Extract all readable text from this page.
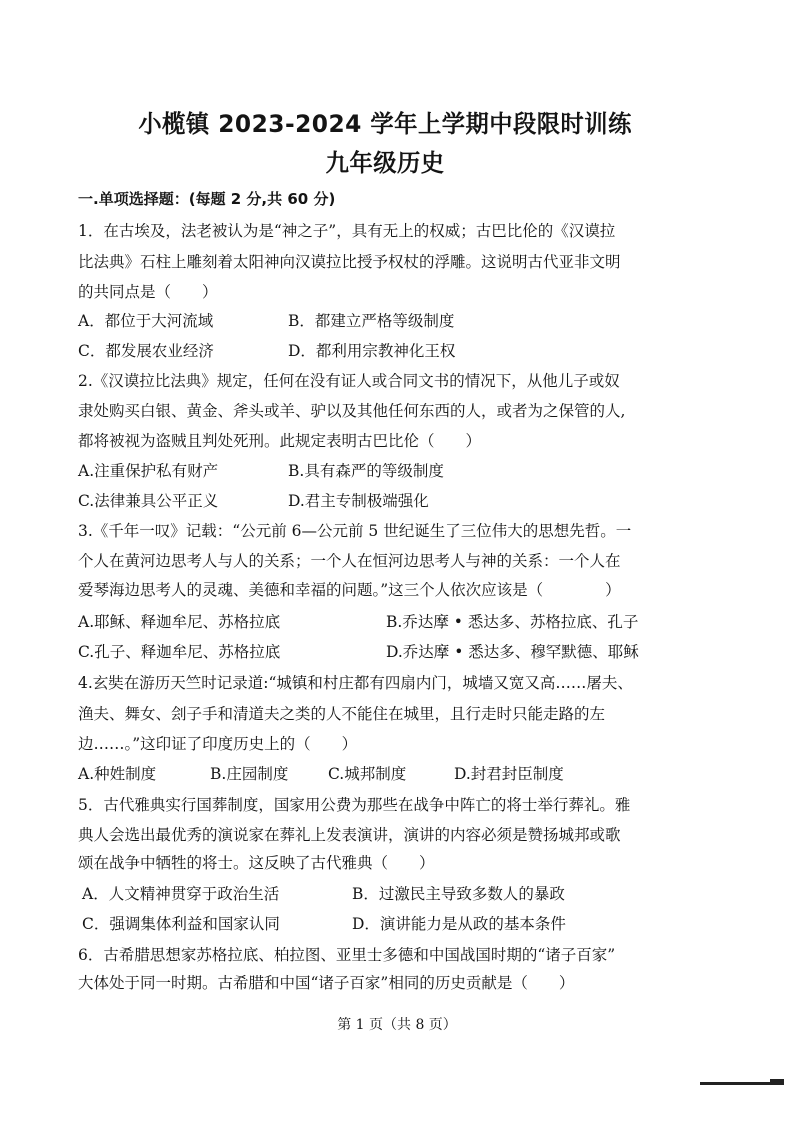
小榄镇 2023-2024 学年上学期中段限时训练
九年级历史
一.单项选择题：(每题 2 分,共 60 分)
1．在古埃及，法老被认为是“神之子”，具有无上的权威；古巴比伦的《汉谟拉
比法典》石柱上雕刻着太阳神向汉谟拉比授予权杖的浮雕。这说明古代亚非文明
的共同点是（　　）
A．都位于大河流域	B．都建立严格等级制度
C．都发展农业经济	D．都利用宗教神化王权
2.《汉谟拉比法典》规定，任何在没有证人或合同文书的情况下，从他儿子或奴
隶处购买白银、黄金、斧头或羊、驴以及其他任何东西的人，或者为之保管的人,
都将被视为盗贼且判处死刑。此规定表明古巴比伦（　　）
A.注重保护私有财产	B.具有森严的等级制度
C.法律兼具公平正义	D.君主专制极端强化
3.《千年一叹》记载：“公元前 6—公元前 5 世纪诞生了三位伟大的思想先哲。一
个人在黄河边思考人与人的关系；一个人在恒河边思考人与神的关系：一个人在
爱琴海边思考人的灵魂、美德和幸福的问题。”这三个人依次应该是（　　　　）
A.耶稣、释迦牟尼、苏格拉底	B.乔达摩 • 悉达多、苏格拉底、孔子
C.孔子、释迦牟尼、苏格拉底	D.乔达摩 • 悉达多、穆罕默德、耶稣
4.玄奘在游历天竺时记录道:“城镇和村庄都有四扇内门，城墙又宽又高……屠夫、
渔夫、舞女、刽子手和清道夫之类的人不能住在城里，且行走时只能走路的左
边……。”这印证了印度历史上的（　　）
A.种姓制度	B.庄园制度	C.城邦制度	D.封君封臣制度
5．古代雅典实行国葬制度，国家用公费为那些在战争中阵亡的将士举行葬礼。雅
典人会选出最优秀的演说家在葬礼上发表演讲，演讲的内容必须是赞扬城邦或歌
颂在战争中牺牲的将士。这反映了古代雅典（　　）
A．人文精神贯穿于政治生活	B．过激民主导致多数人的暴政
C．强调集体利益和国家认同	D．演讲能力是从政的基本条件
6．古希腊思想家苏格拉底、柏拉图、亚里士多德和中国战国时期的“诸子百家”
大体处于同一时期。古希腊和中国“诸子百家”相同的历史贡献是（　　）
第 1 页（共 8 页）
